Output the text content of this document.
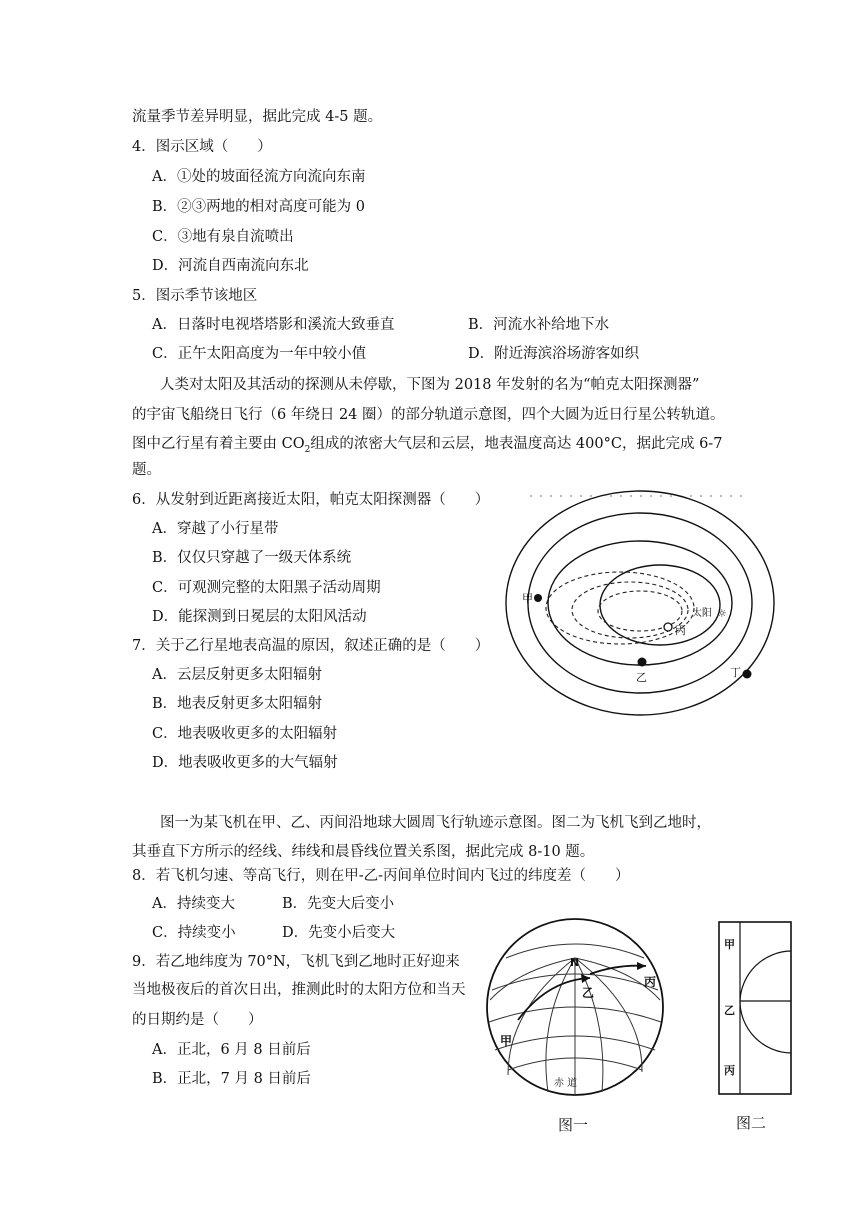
流量季节差异明显，据此完成 4-5 题。
4．图示区域（　　）
A．①处的坡面径流方向流向东南
B．②③两地的相对高度可能为 0
C．③地有泉自流喷出
D．河流自西南流向东北
5．图示季节该地区
A．日落时电视塔塔影和溪流大致垂直	B．河流水补给地下水
C．正午太阳高度为一年中较小值	D．附近海滨浴场游客如织
人类对太阳及其活动的探测从未停歇，下图为 2018 年发射的名为“帕克太阳探测器”
的宇宙飞船绕日飞行（6 年绕日 24 圈）的部分轨道示意图，四个大圆为近日行星公转轨道。
图中乙行星有着主要由 $CO_2$组成的浓密大气层和云层，地表温度高达 400°C，据此完成 6-7
题。
6．从发射到近距离接近太阳，帕克太阳探测器（　　）
A．穿越了小行星带
B．仅仅只穿越了一级天体系统
C．可观测完整的太阳黑子活动周期
D．能探测到日冕层的太阳风活动
7．关于乙行星地表高温的原因，叙述正确的是（　　）
A．云层反射更多太阳辐射
B．地表反射更多太阳辐射
C．地表吸收更多的太阳辐射
D．地表吸收更多的大气辐射
图一为某飞机在甲、乙、丙间沿地球大圆周飞行轨迹示意图。图二为飞机飞到乙地时，
其垂直下方所示的经线、纬线和晨昏线位置关系图，据此完成 8-10 题。
8．若飞机匀速、等高飞行，则在甲-乙-丙间单位时间内飞过的纬度差（　　）
A．持续变大	B．先变大后变小
C．持续变小	D．先变小后变大
9．若乙地纬度为 70°N，飞机飞到乙地时正好迎来
当地极夜后的首次日出，推测此时的太阳方位和当天
的日期约是（　　）
A．正北，6 月 8 日前后
B．正北，7 月 8 日前后
太阳 ☼
甲
乙
丙
丁
N
甲
乙
丙
赤 道
图一
甲
乙
丙
图二
